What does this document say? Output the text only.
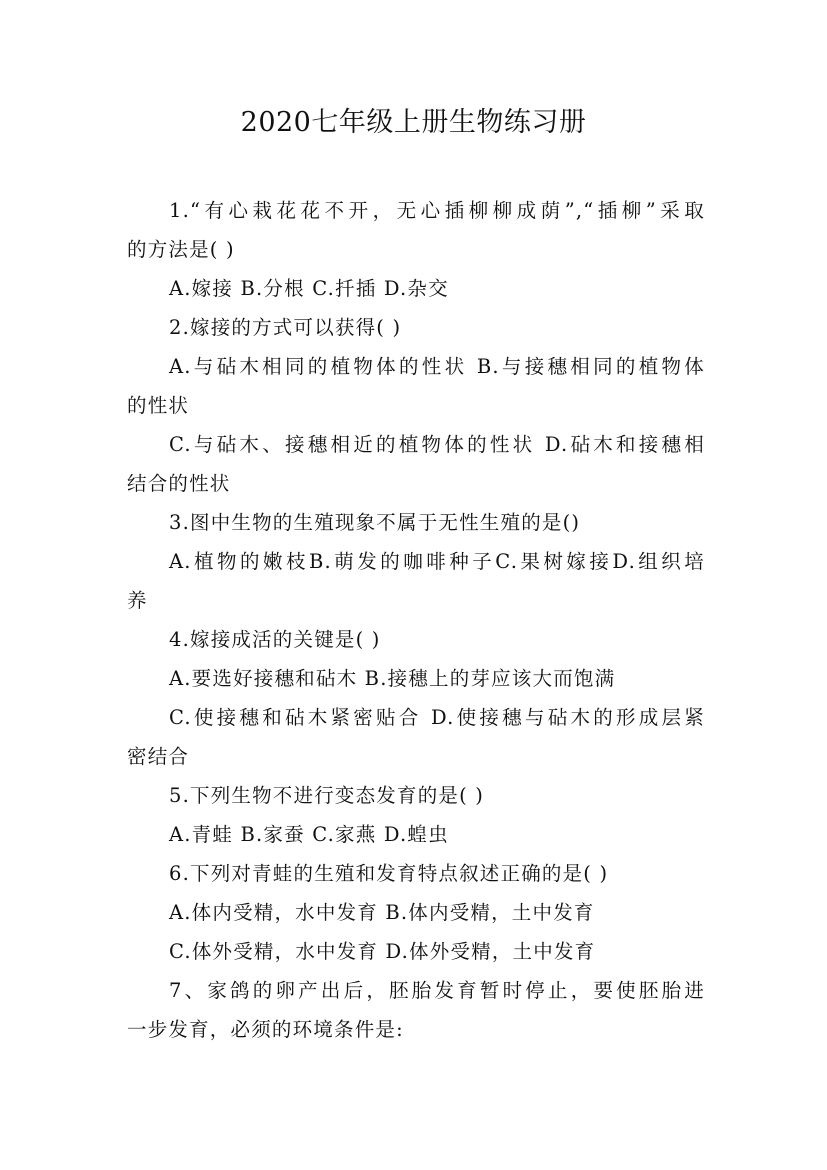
2020七年级上册生物练习册
1.“有心栽花花不开，无心插柳柳成荫”,“插柳”采取
的方法是( )
A.嫁接 B.分根 C.扦插 D.杂交
2.嫁接的方式可以获得( )
A.与砧木相同的植物体的性状 B.与接穗相同的植物体
的性状
C.与砧木、接穗相近的植物体的性状 D.砧木和接穗相
结合的性状
3.图中生物的生殖现象不属于无性生殖的是()
A.植物的嫩枝B.萌发的咖啡种子C.果树嫁接D.组织培
养
4.嫁接成活的关键是( )
A.要选好接穗和砧木 B.接穗上的芽应该大而饱满
C.使接穗和砧木紧密贴合 D.使接穗与砧木的形成层紧
密结合
5.下列生物不进行变态发育的是( )
A.青蛙 B.家蚕 C.家燕 D.蝗虫
6.下列对青蛙的生殖和发育特点叙述正确的是( )
A.体内受精，水中发育 B.体内受精，土中发育
C.体外受精，水中发育 D.体外受精，土中发育
7、家鸽的卵产出后，胚胎发育暂时停止，要使胚胎进
一步发育，必须的环境条件是:
